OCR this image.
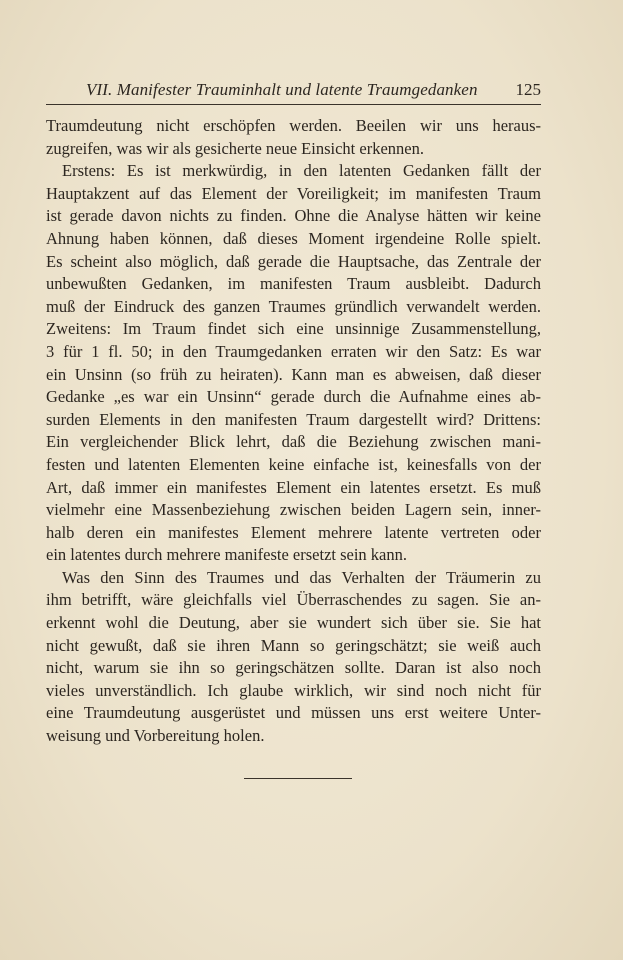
VII. Manifester Trauminhalt und latente Traumgedanken 125
Traumdeutung nicht erschöpfen werden. Beeilen wir uns heraus-
zugreifen, was wir als gesicherte neue Einsicht erkennen.
Erstens: Es ist merkwürdig, in den latenten Gedanken fällt der
Hauptakzent auf das Element der Voreiligkeit; im manifesten Traum
ist gerade davon nichts zu finden. Ohne die Analyse hätten wir keine
Ahnung haben können, daß dieses Moment irgendeine Rolle spielt.
Es scheint also möglich, daß gerade die Hauptsache, das Zentrale der
unbewußten Gedanken, im manifesten Traum ausbleibt. Dadurch
muß der Eindruck des ganzen Traumes gründlich verwandelt werden.
Zweitens: Im Traum findet sich eine unsinnige Zusammenstellung,
3 für 1 fl. 50; in den Traumgedanken erraten wir den Satz: Es war
ein Unsinn (so früh zu heiraten). Kann man es abweisen, daß dieser
Gedanke „es war ein Unsinn“ gerade durch die Aufnahme eines ab-
surden Elements in den manifesten Traum dargestellt wird? Drittens:
Ein vergleichender Blick lehrt, daß die Beziehung zwischen mani-
festen und latenten Elementen keine einfache ist, keinesfalls von der
Art, daß immer ein manifestes Element ein latentes ersetzt. Es muß
vielmehr eine Massenbeziehung zwischen beiden Lagern sein, inner-
halb deren ein manifestes Element mehrere latente vertreten oder
ein latentes durch mehrere manifeste ersetzt sein kann.
Was den Sinn des Traumes und das Verhalten der Träumerin zu
ihm betrifft, wäre gleichfalls viel Überraschendes zu sagen. Sie an-
erkennt wohl die Deutung, aber sie wundert sich über sie. Sie hat
nicht gewußt, daß sie ihren Mann so geringschätzt; sie weiß auch
nicht, warum sie ihn so geringschätzen sollte. Daran ist also noch
vieles unverständlich. Ich glaube wirklich, wir sind noch nicht für
eine Traumdeutung ausgerüstet und müssen uns erst weitere Unter-
weisung und Vorbereitung holen.
